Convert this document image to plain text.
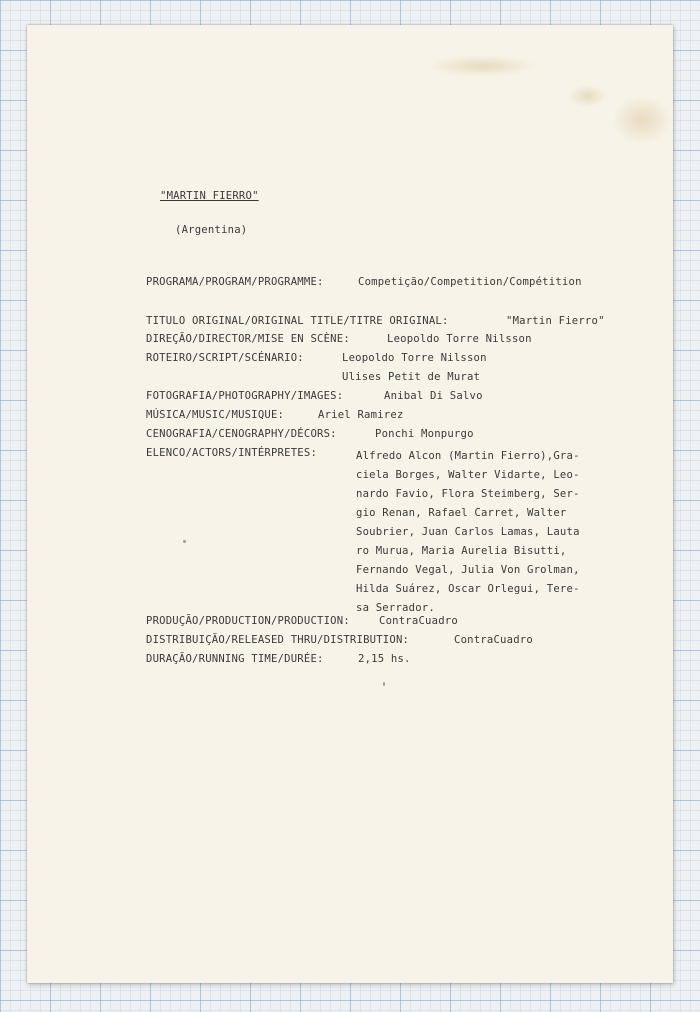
"MARTIN FIERRO"
(Argentina)
PROGRAMA/PROGRAM/PROGRAMME:	Competição/Competition/Compétition
TITULO ORIGINAL/ORIGINAL TITLE/TITRE ORIGINAL:	"Martin Fierro"
DIREÇÃO/DIRECTOR/MISE EN SCÈNE:	Leopoldo Torre Nilsson
ROTEIRO/SCRIPT/SCÉNARIO:	Leopoldo Torre Nilsson
Ulises Petit de Murat
FOTOGRAFIA/PHOTOGRAPHY/IMAGES:	Anibal Di Salvo
MÚSICA/MUSIC/MUSIQUE:	Ariel Ramirez
CENOGRAFIA/CENOGRAPHY/DÉCORS:	Ponchi Monpurgo
ELENCO/ACTORS/INTÉRPRETES:	Alfredo Alcon (Martin Fierro),Gra-
ciela Borges, Walter Vidarte, Leo-
nardo Favio, Flora Steimberg, Ser-
gio Renan, Rafael Carret, Walter
Soubrier, Juan Carlos Lamas, Lauta
ro Murua, Maria Aurelia Bisutti,
Fernando Vegal, Julia Von Grolman,
Hilda Suárez, Oscar Orlegui, Tere-
sa Serrador.
PRODUÇÃO/PRODUCTION/PRODUCTION:	ContraCuadro
DISTRIBUIÇÃO/RELEASED THRU/DISTRIBUTION:	ContraCuadro
DURAÇÃO/RUNNING TIME/DURÉE:	2,15 hs.
